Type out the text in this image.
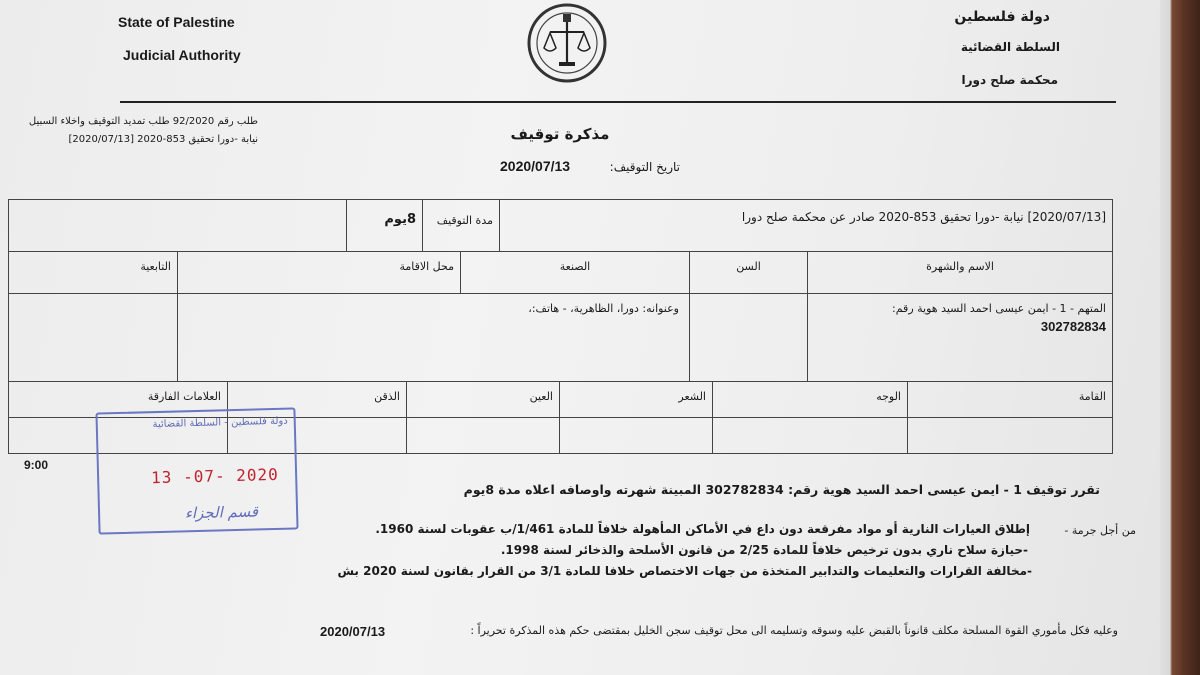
State of Palestine
Judicial Authority
دولة فلسطين
السلطة القضائية
محكمة صلح دورا
طلب رقم 92/2020 طلب تمديد التوقيف واخلاء السبيل
نيابة -دورا تحقيق 853-2020 [2020/07/13]	مذكرة توقيف
تاريخ التوقيف:
2020/07/13

8يوم	مدة التوقيف	[2020/07/13] نيابة -دورا تحقيق 853-2020 صادر عن محكمة صلح دورا
التابعية	محل الاقامة	الصنعة	السن	الاسم والشهرة

	وعنوانه: دورا، الظاهرية، - هاتف:،			المتهم - 1 - ايمن عيسى احمد السيد هوية رقم:
302782834
العلامات الفارقة	الذقن	العين	الشعر	الوجه	القامة

9:00
دولة فلسطين - السلطة القضائية
13 -07- 2020
قسم الجزاء
تقرر توقيف 1 - ايمن عيسى احمد السيد هوية رقم: 302782834 المبينة شهرته واوصافه اعلاه مدة 8يوم
من أجل جرمة -
إطلاق العيارات النارية أو مواد مفرقعة دون داع في الأماكن المأهولة خلافاً للمادة 1/461/ب عقوبات لسنة 1960.
-حيازة سلاح ناري بدون ترخيص خلافاً للمادة 2/25 من قانون الأسلحة والذخائر لسنة 1998.
-مخالفة القرارات والتعليمات والتدابير المتخذة من جهات الاختصاص خلافا للمادة 3/1 من القرار بقانون لسنة 2020 بش
وعليه فكل مأموري القوة المسلحة مكلف قانوناً بالقبض عليه وسوقه وتسليمه الى محل توقيف سجن الخليل بمقتضى حكم هذه المذكرة تحريراً :
2020/07/13
